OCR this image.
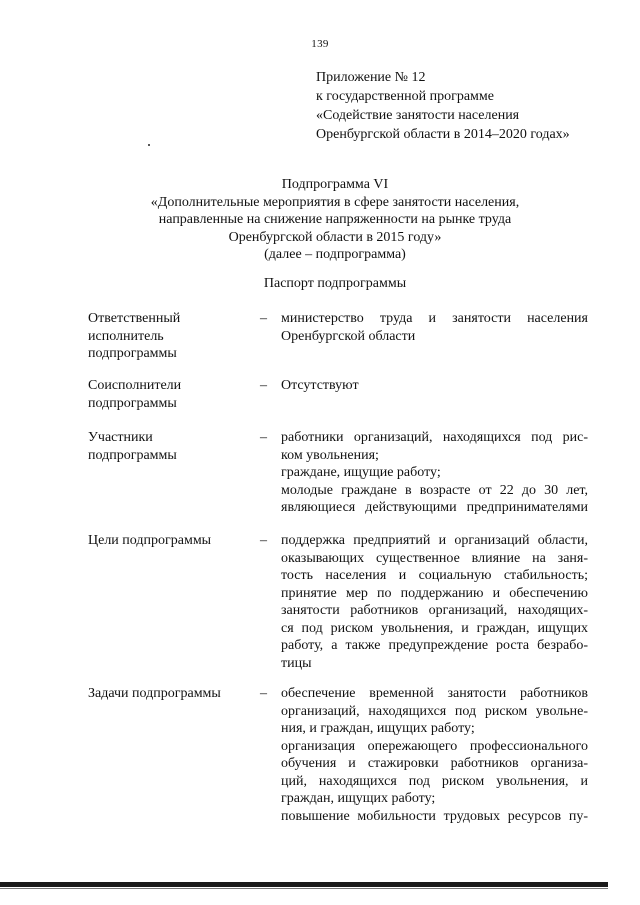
139
Приложение № 12
к государственной программе
«Содействие занятости населения
Оренбургской области в 2014–2020 годах»
Подпрограмма VI
«Дополнительные мероприятия в сфере занятости населения,
направленные на снижение напряженности на рынке труда
Оренбургской области в 2015 году»
(далее – подпрограмма)
Паспорт подпрограммы
Ответственный
исполнитель
подпрограммы
– министерство труда и занятости населения
Оренбургской области
Соисполнители
подпрограммы
– Отсутствуют
Участники
подпрограммы
– работники организаций, находящихся под рис-
ком увольнения;
граждане, ищущие работу;
молодые граждане в возрасте от 22 до 30 лет,
являющиеся действующими предпринимателями
Цели подпрограммы	– поддержка предприятий и организаций области,
оказывающих существенное влияние на заня-
тость населения и социальную стабильность;
принятие мер по поддержанию и обеспечению
занятости работников организаций, находящих-
ся под риском увольнения, и граждан, ищущих
работу, а также предупреждение роста безрабо-
тицы
Задачи подпрограммы	– обеспечение временной занятости работников
организаций, находящихся под риском увольне-
ния, и граждан, ищущих работу;
организация опережающего профессионального
обучения и стажировки работников организа-
ций, находящихся под риском увольнения, и
граждан, ищущих работу;
повышение мобильности трудовых ресурсов пу-
